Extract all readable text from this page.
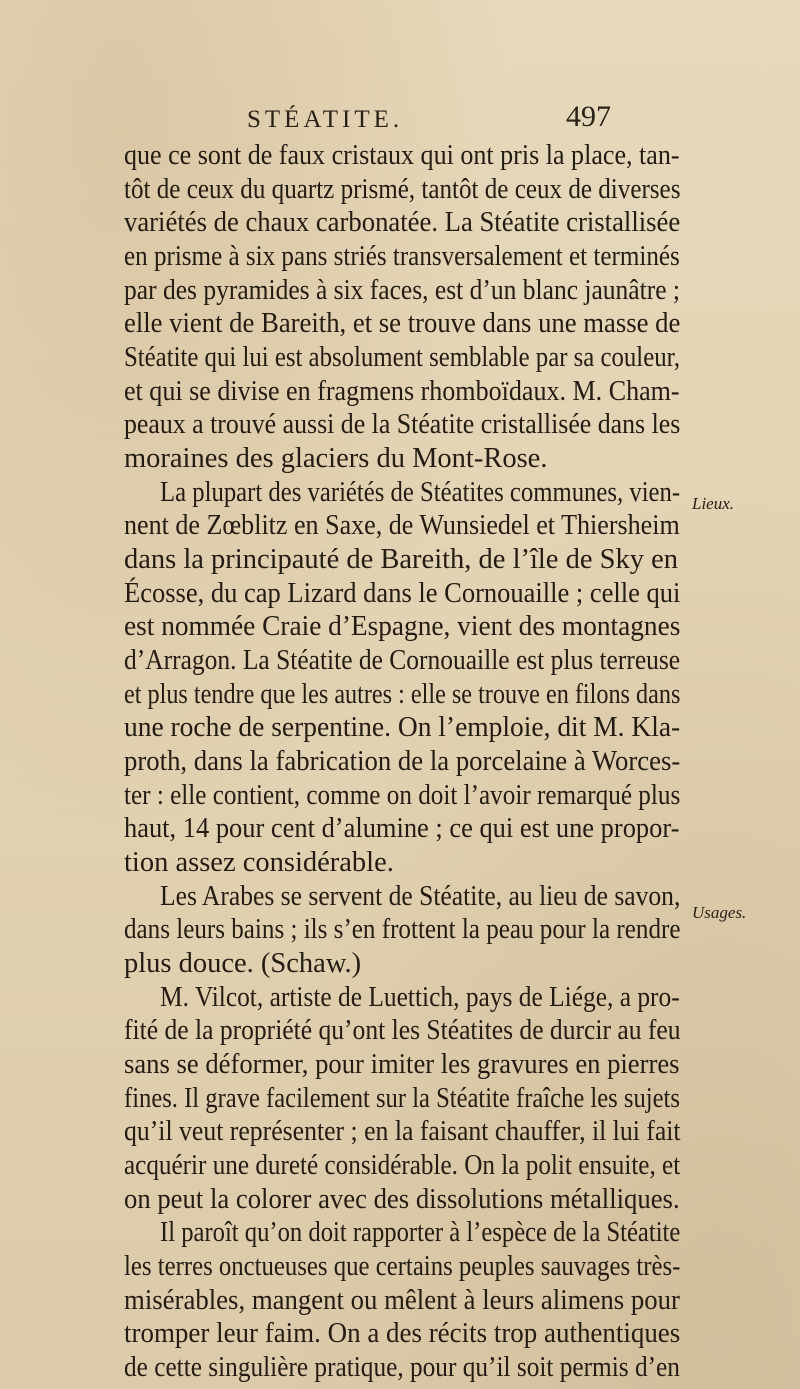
STÉATITE.	497
que ce sont de faux cristaux qui ont pris la place, tan-
tôt de ceux du quartz prismé, tantôt de ceux de diverses
variétés de chaux carbonatée. La Stéatite cristallisée
en prisme à six pans striés transversalement et terminés
par des pyramides à six faces, est d’un blanc jaunâtre ;
elle vient de Bareith, et se trouve dans une masse de
Stéatite qui lui est absolument semblable par sa couleur,
et qui se divise en fragmens rhomboïdaux. M. Cham-
peaux a trouvé aussi de la Stéatite cristallisée dans les
moraines des glaciers du Mont-Rose.
La plupart des variétés de Stéatites communes, vien-
nent de Zœblitz en Saxe, de Wunsiedel et Thiersheim
dans la principauté de Bareith, de l’île de Sky en
Écosse, du cap Lizard dans le Cornouaille ; celle qui
est nommée Craie d’Espagne, vient des montagnes
d’Arragon. La Stéatite de Cornouaille est plus terreuse
et plus tendre que les autres : elle se trouve en filons dans
une roche de serpentine. On l’emploie, dit M. Kla-
proth, dans la fabrication de la porcelaine à Worces-
ter : elle contient, comme on doit l’avoir remarqué plus
haut, 14 pour cent d’alumine ; ce qui est une propor-
tion assez considérable.
Les Arabes se servent de Stéatite, au lieu de savon,
dans leurs bains ; ils s’en frottent la peau pour la rendre
plus douce. (Schaw.)
M. Vilcot, artiste de Luettich, pays de Liége, a pro-
fité de la propriété qu’ont les Stéatites de durcir au feu
sans se déformer, pour imiter les gravures en pierres
fines. Il grave facilement sur la Stéatite fraîche les sujets
qu’il veut représenter ; en la faisant chauffer, il lui fait
acquérir une dureté considérable. On la polit ensuite, et
on peut la colorer avec des dissolutions métalliques.
Il paroît qu’on doit rapporter à l’espèce de la Stéatite
les terres onctueuses que certains peuples sauvages très-
misérables, mangent ou mêlent à leurs alimens pour
tromper leur faim. On a des récits trop authentiques
de cette singulière pratique, pour qu’il soit permis d’en
Lieux.
Usages.
